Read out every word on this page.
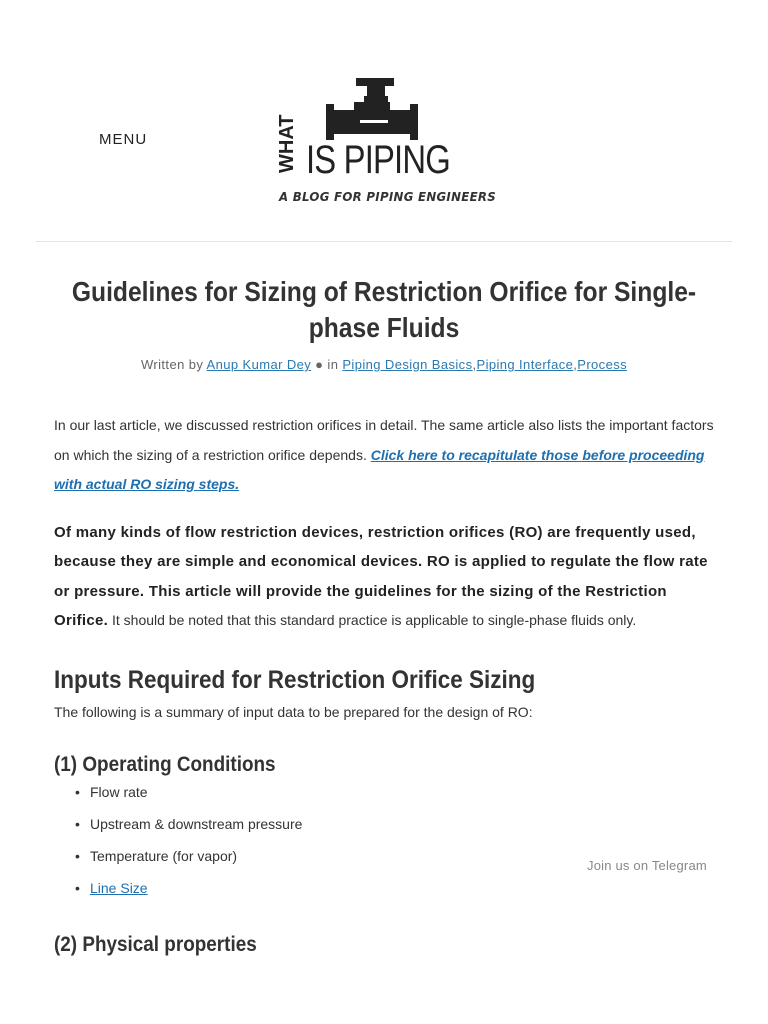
MENU	WHAT IS PIPING
A BLOG FOR PIPING ENGINEERS
Guidelines for Sizing of Restriction Orifice for Single-phase Fluids
Written by Anup Kumar Dey ● in Piping Design Basics,Piping Interface,Process

In our last article, we discussed restriction orifices in detail. The same article also lists the important factors on which the sizing of a restriction orifice depends. Click here to recapitulate those before proceeding with actual RO sizing steps.

Of many kinds of flow restriction devices, restriction orifices (RO) are frequently used, because they are simple and economical devices. RO is applied to regulate the flow rate or pressure. This article will provide the guidelines for the sizing of the Restriction Orifice. It should be noted that this standard practice is applicable to single-phase fluids only.

Inputs Required for Restriction Orifice Sizing

The following is a summary of input data to be prepared for the design of RO:

(1) Operating Conditions
• Flow rate
• Upstream & downstream pressure
• Temperature (for vapor)
• Line Size
(2) Physical properties
Join us on Telegram
